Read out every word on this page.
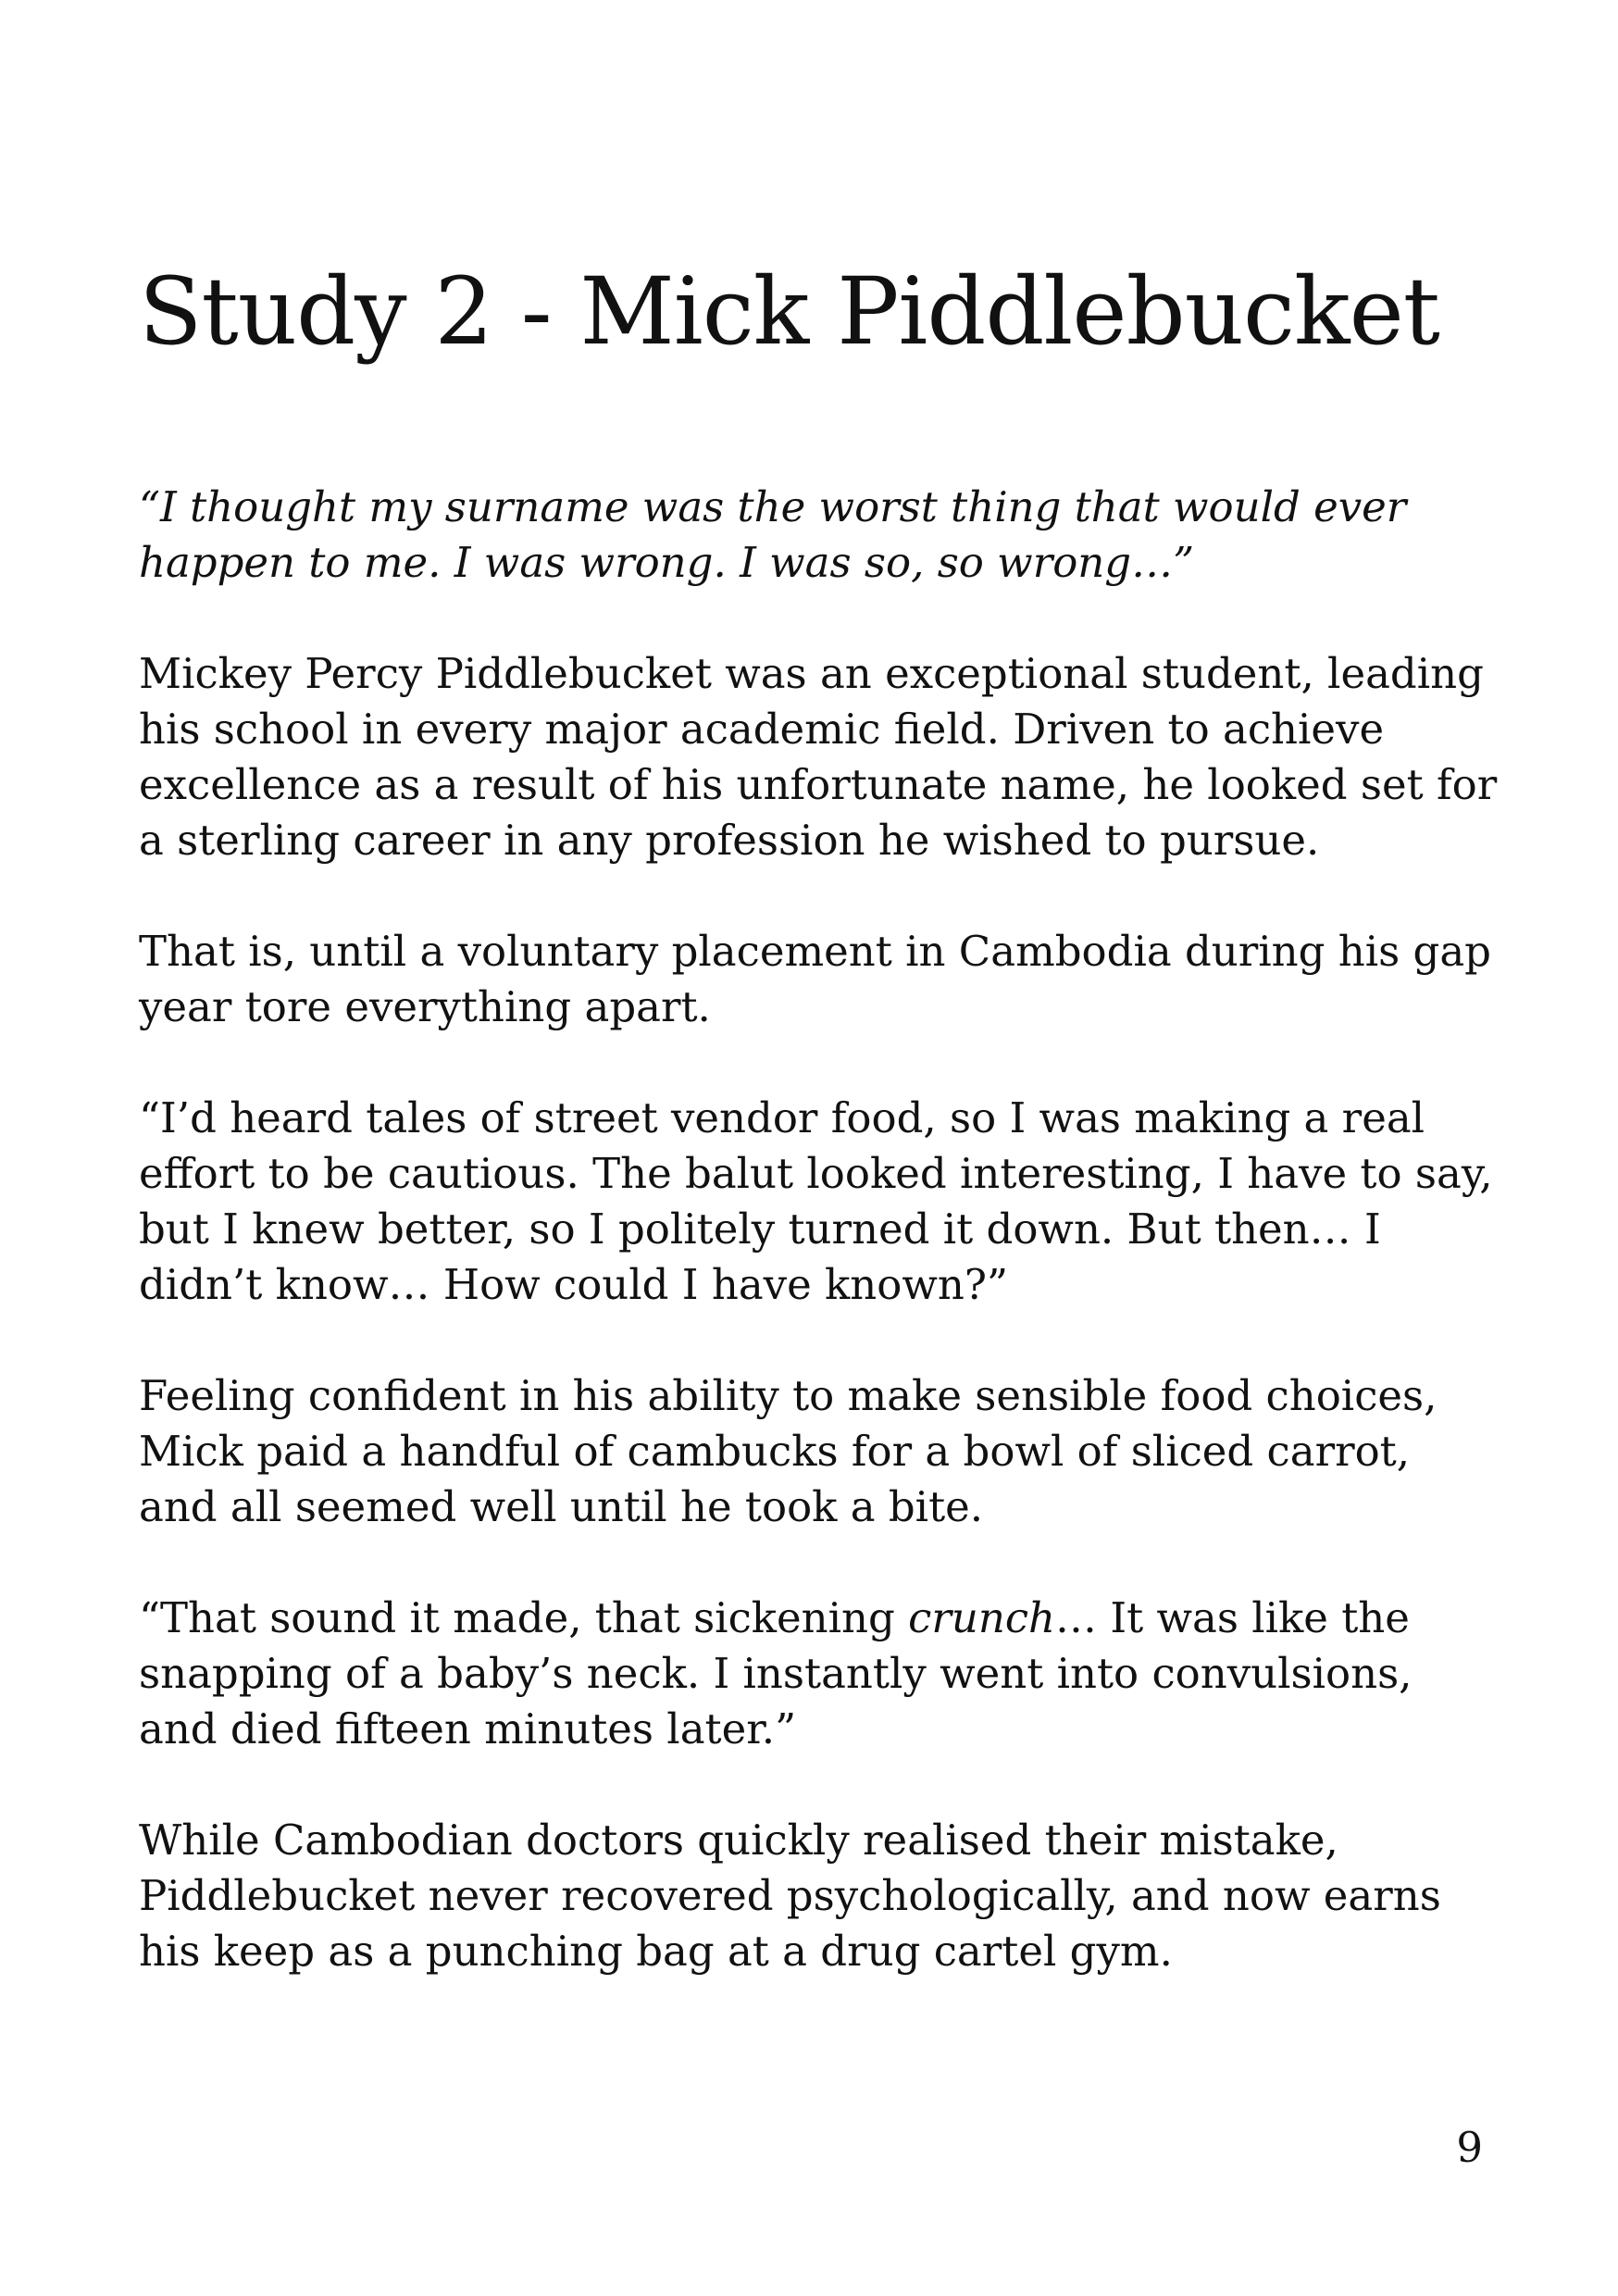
Study 2 - Mick Piddlebucket

“I thought my surname was the worst thing that would ever happen to me. I was wrong. I was so, so wrong…”

Mickey Percy Piddlebucket was an exceptional student, leading his school in every major academic field. Driven to achieve excellence as a result of his unfortunate name, he looked set for a sterling career in any profession he wished to pursue.

That is, until a voluntary placement in Cambodia during his gap year tore everything apart.

“I’d heard tales of street vendor food, so I was making a real effort to be cautious. The balut looked interesting, I have to say, but I knew better, so I politely turned it down. But then… I didn’t know… How could I have known?”

Feeling confident in his ability to make sensible food choices, Mick paid a handful of cambucks for a bowl of sliced carrot, and all seemed well until he took a bite.

“That sound it made, that sickening crunch… It was like the snapping of a baby’s neck. I instantly went into convulsions, and died fifteen minutes later.”

While Cambodian doctors quickly realised their mistake, Piddlebucket never recovered psychologically, and now earns his keep as a punching bag at a drug cartel gym.

9
